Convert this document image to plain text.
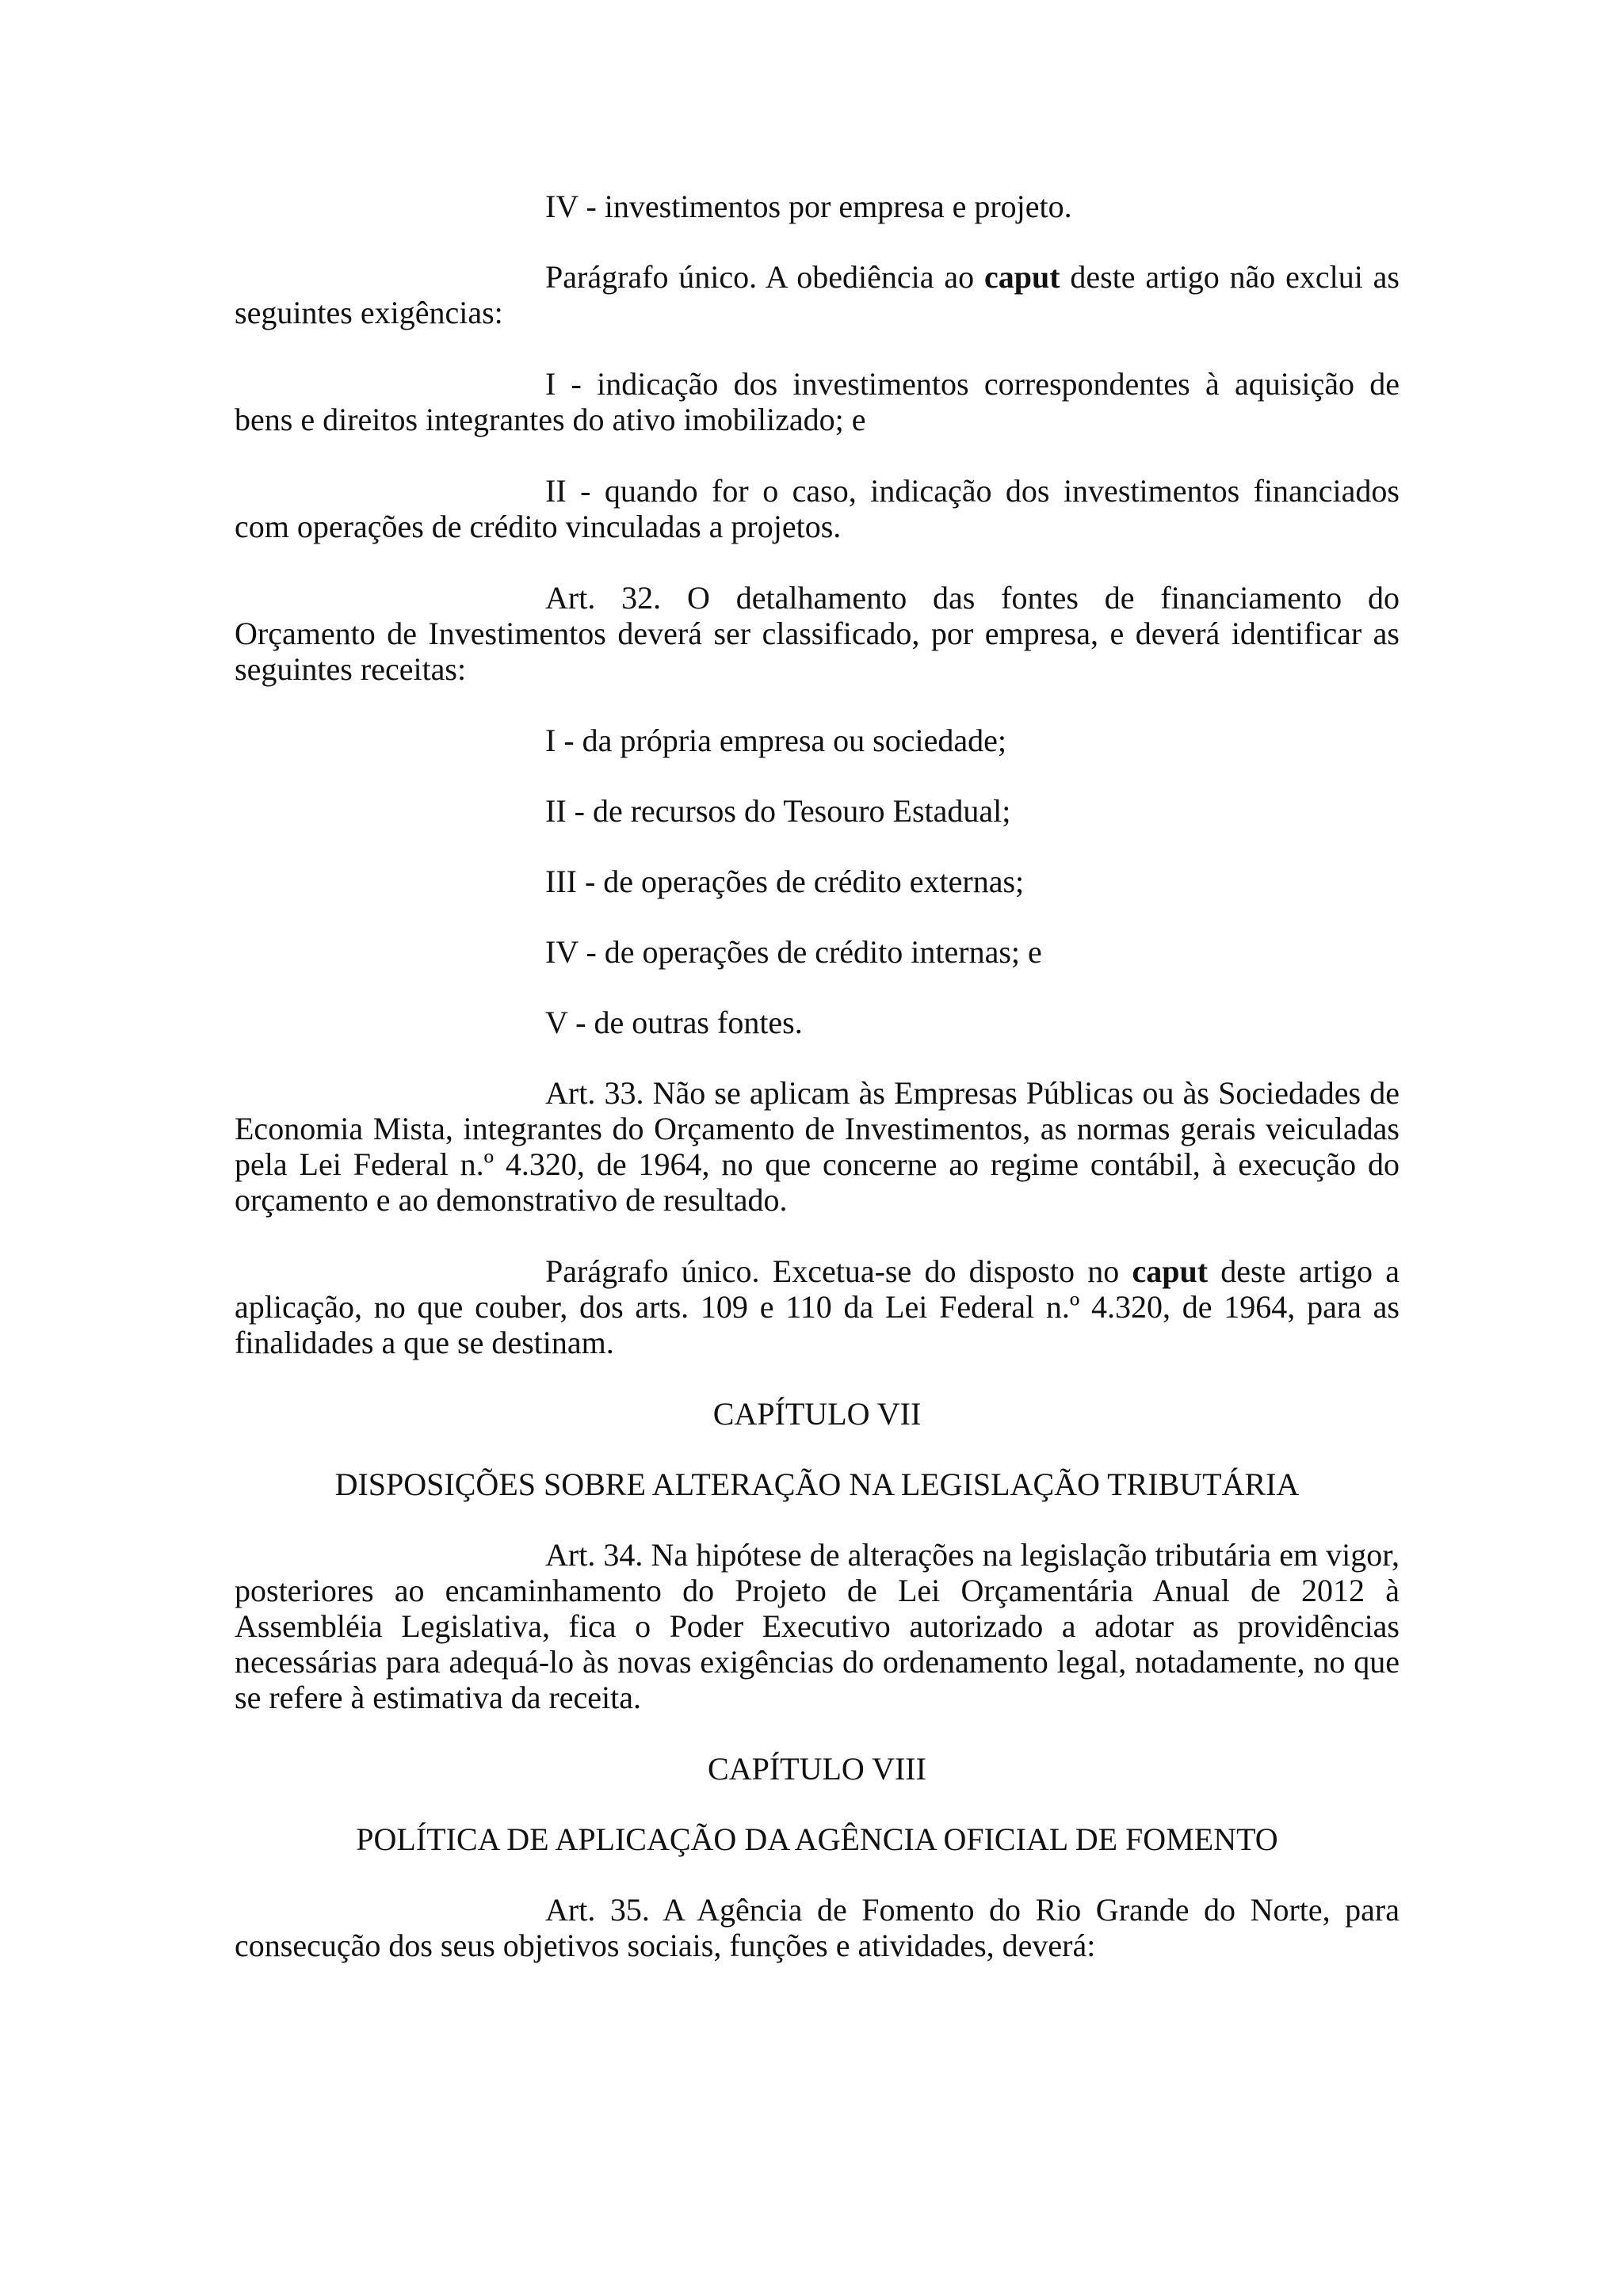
IV - investimentos por empresa e projeto.

Parágrafo único. A obediência ao caput deste artigo não exclui as seguintes exigências:

I - indicação dos investimentos correspondentes à aquisição de bens e direitos integrantes do ativo imobilizado; e

II - quando for o caso, indicação dos investimentos financiados com operações de crédito vinculadas a projetos.

Art. 32. O detalhamento das fontes de financiamento do Orçamento de Investimentos deverá ser classificado, por empresa, e deverá identificar as seguintes receitas:

I - da própria empresa ou sociedade;
II - de recursos do Tesouro Estadual;
III - de operações de crédito externas;
IV - de operações de crédito internas; e
V - de outras fontes.

Art. 33. Não se aplicam às Empresas Públicas ou às Sociedades de Economia Mista, integrantes do Orçamento de Investimentos, as normas gerais veiculadas pela Lei Federal n.º 4.320, de 1964, no que concerne ao regime contábil, à execução do orçamento e ao demonstrativo de resultado.

Parágrafo único. Excetua-se do disposto no caput deste artigo a aplicação, no que couber, dos arts. 109 e 110 da Lei Federal n.º 4.320, de 1964, para as finalidades a que se destinam.

CAPÍTULO VII
DISPOSIÇÕES SOBRE ALTERAÇÃO NA LEGISLAÇÃO TRIBUTÁRIA

Art. 34. Na hipótese de alterações na legislação tributária em vigor, posteriores ao encaminhamento do Projeto de Lei Orçamentária Anual de 2012 à Assembléia Legislativa, fica o Poder Executivo autorizado a adotar as providências necessárias para adequá-lo às novas exigências do ordenamento legal, notadamente, no que se refere à estimativa da receita.

CAPÍTULO VIII
POLÍTICA DE APLICAÇÃO DA AGÊNCIA OFICIAL DE FOMENTO

Art. 35. A Agência de Fomento do Rio Grande do Norte, para consecução dos seus objetivos sociais, funções e atividades, deverá:
